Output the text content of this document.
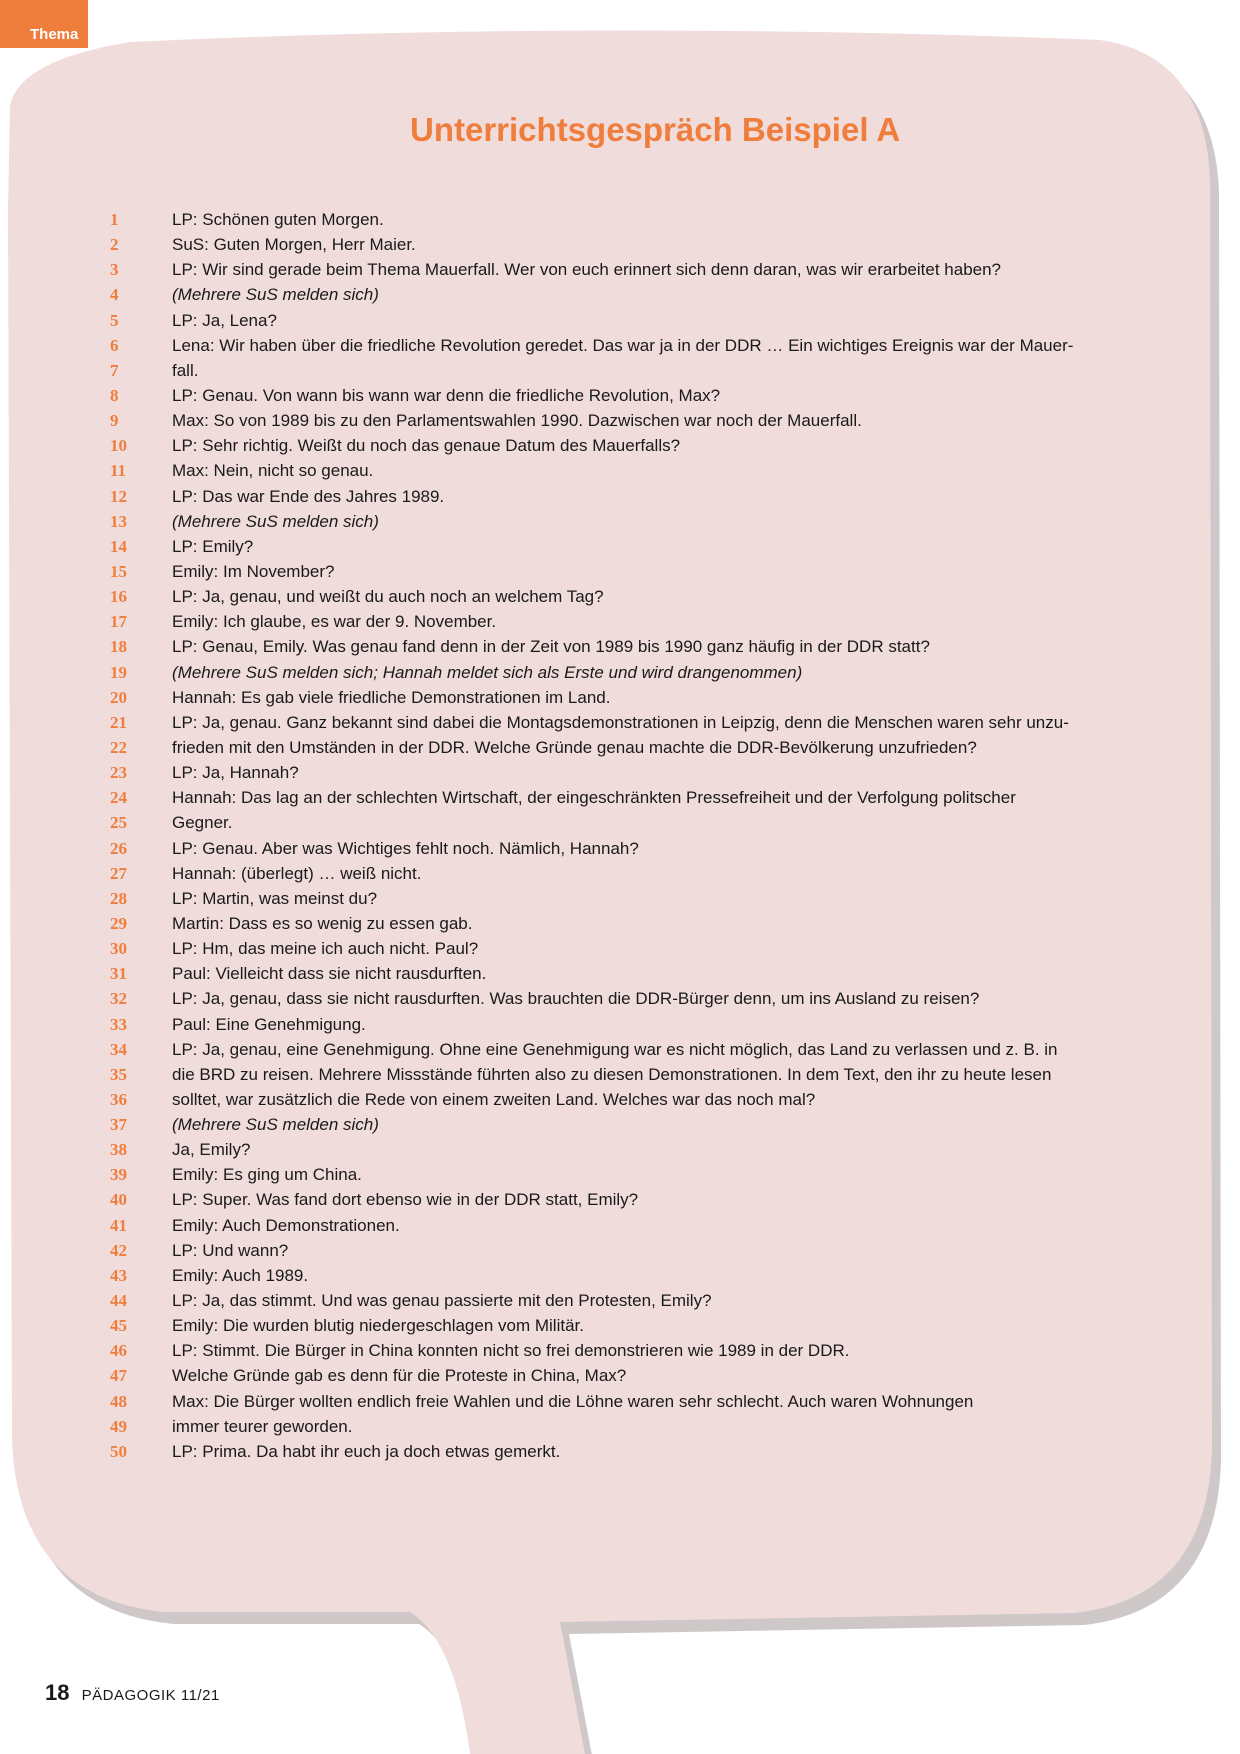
Thema
Unterrichtsgespräch Beispiel A
1	LP: Schönen guten Morgen.
2	SuS: Guten Morgen, Herr Maier.
3	LP: Wir sind gerade beim Thema Mauerfall. Wer von euch erinnert sich denn daran, was wir erarbeitet haben?
4	(Mehrere SuS melden sich)
5	LP: Ja, Lena?
6	Lena: Wir haben über die friedliche Revolution geredet. Das war ja in der DDR … Ein wichtiges Ereignis war der Mauer-
7	fall.
8	LP: Genau. Von wann bis wann war denn die friedliche Revolution, Max?
9	Max: So von 1989 bis zu den Parlamentswahlen 1990. Dazwischen war noch der Mauerfall.
10	LP: Sehr richtig. Weißt du noch das genaue Datum des Mauerfalls?
11	Max: Nein, nicht so genau.
12	LP: Das war Ende des Jahres 1989.
13	(Mehrere SuS melden sich)
14	LP: Emily?
15	Emily: Im November?
16	LP: Ja, genau, und weißt du auch noch an welchem Tag?
17	Emily: Ich glaube, es war der 9. November.
18	LP: Genau, Emily. Was genau fand denn in der Zeit von 1989 bis 1990 ganz häufig in der DDR statt?
19	(Mehrere SuS melden sich; Hannah meldet sich als Erste und wird drangenommen)
20	Hannah: Es gab viele friedliche Demonstrationen im Land.
21	LP: Ja, genau. Ganz bekannt sind dabei die Montagsdemonstrationen in Leipzig, denn die Menschen waren sehr unzu-
22	frieden mit den Umständen in der DDR. Welche Gründe genau machte die DDR-Bevölkerung unzufrieden?
23	LP: Ja, Hannah?
24	Hannah: Das lag an der schlechten Wirtschaft, der eingeschränkten Pressefreiheit und der Verfolgung politscher
25	Gegner.
26	LP: Genau. Aber was Wichtiges fehlt noch. Nämlich, Hannah?
27	Hannah: (überlegt) … weiß nicht.
28	LP: Martin, was meinst du?
29	Martin: Dass es so wenig zu essen gab.
30	LP: Hm, das meine ich auch nicht. Paul?
31	Paul: Vielleicht dass sie nicht rausdurften.
32	LP: Ja, genau, dass sie nicht rausdurften. Was brauchten die DDR-Bürger denn, um ins Ausland zu reisen?
33	Paul: Eine Genehmigung.
34	LP: Ja, genau, eine Genehmigung. Ohne eine Genehmigung war es nicht möglich, das Land zu verlassen und z. B. in
35	die BRD zu reisen. Mehrere Missstände führten also zu diesen Demonstrationen. In dem Text, den ihr zu heute lesen
36	solltet, war zusätzlich die Rede von einem zweiten Land. Welches war das noch mal?
37	(Mehrere SuS melden sich)
38	Ja, Emily?
39	Emily: Es ging um China.
40	LP: Super. Was fand dort ebenso wie in der DDR statt, Emily?
41	Emily: Auch Demonstrationen.
42	LP: Und wann?
43	Emily: Auch 1989.
44	LP: Ja, das stimmt. Und was genau passierte mit den Protesten, Emily?
45	Emily: Die wurden blutig niedergeschlagen vom Militär.
46	LP: Stimmt. Die Bürger in China konnten nicht so frei demonstrieren wie 1989 in der DDR.
47	Welche Gründe gab es denn für die Proteste in China, Max?
48	Max: Die Bürger wollten endlich freie Wahlen und die Löhne waren sehr schlecht. Auch waren Wohnungen
49	immer teurer geworden.
50	LP: Prima. Da habt ihr euch ja doch etwas gemerkt.
18 PÄDAGOGIK 11/21
